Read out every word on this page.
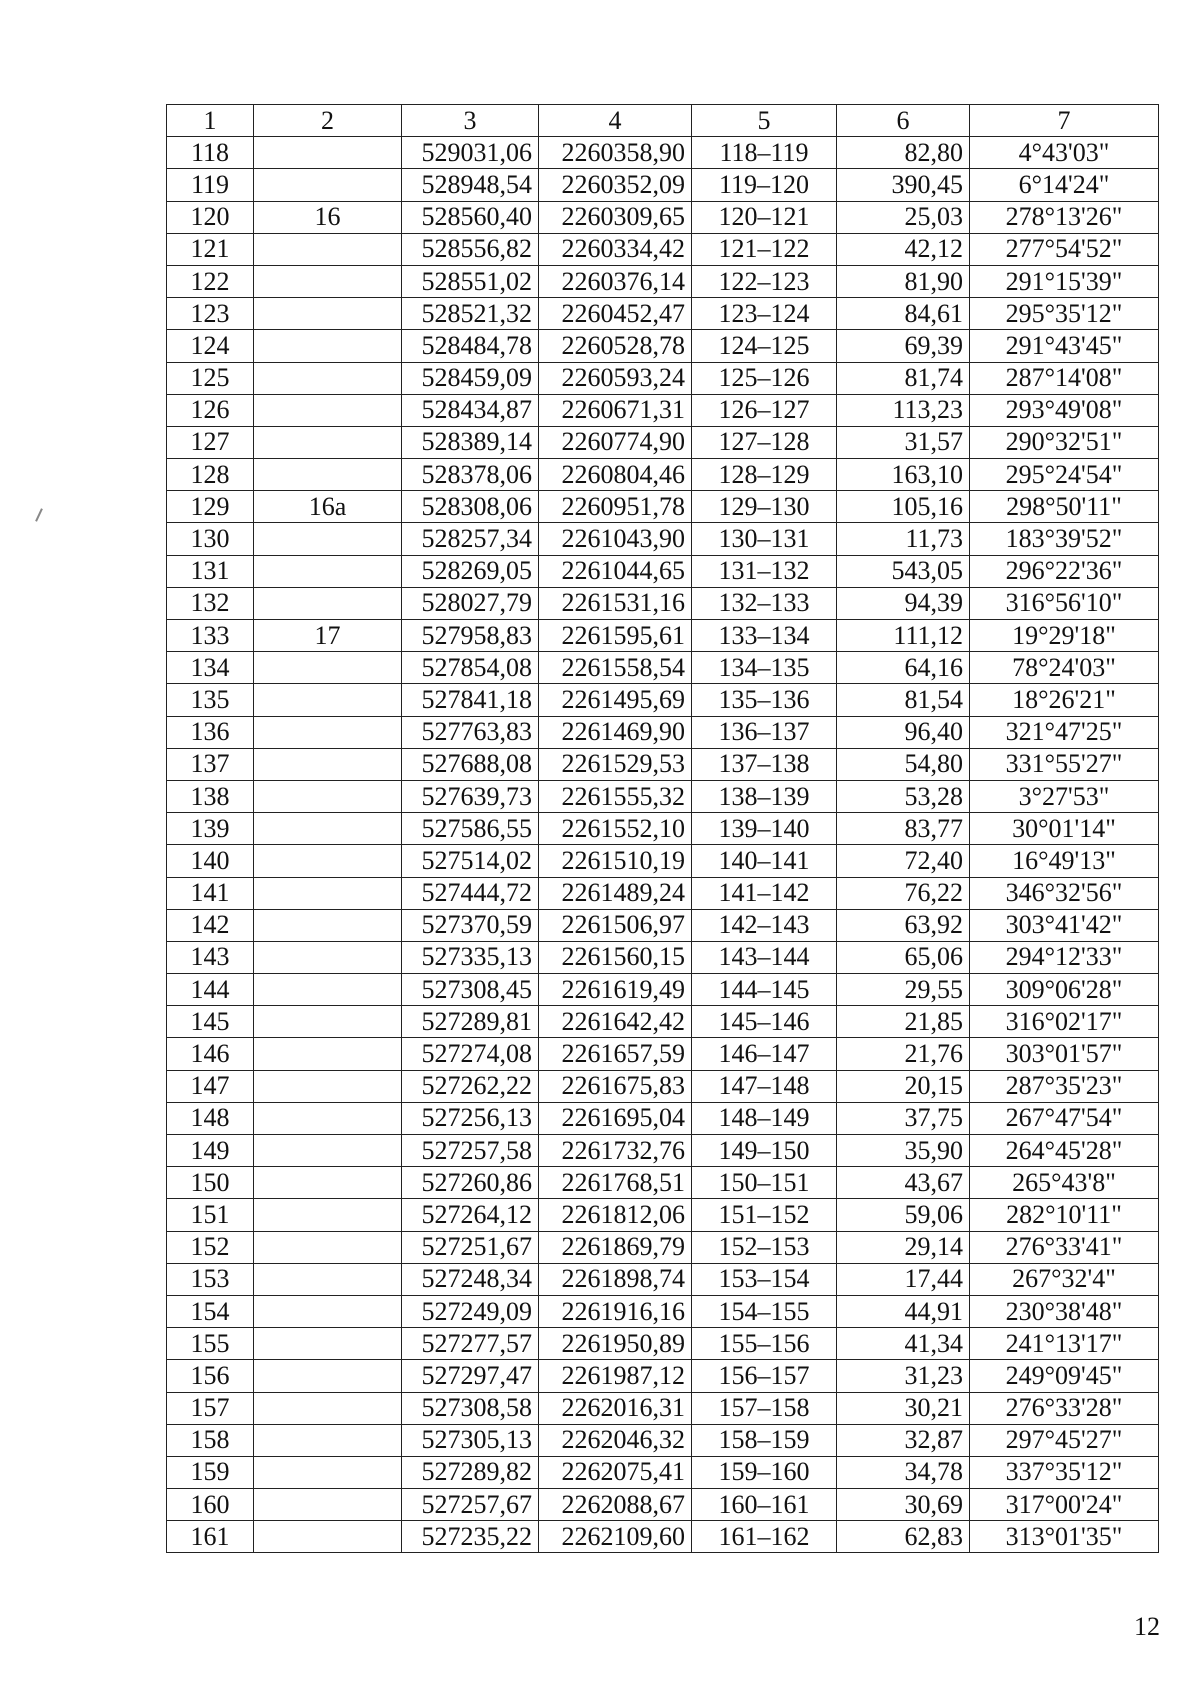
1	2	3	4	5	6	7
118		529031,06	2260358,90	118–119	82,80	4°43'03"
119		528948,54	2260352,09	119–120	390,45	6°14'24"
120	16	528560,40	2260309,65	120–121	25,03	278°13'26"
121		528556,82	2260334,42	121–122	42,12	277°54'52"
122		528551,02	2260376,14	122–123	81,90	291°15'39"
123		528521,32	2260452,47	123–124	84,61	295°35'12"
124		528484,78	2260528,78	124–125	69,39	291°43'45"
125		528459,09	2260593,24	125–126	81,74	287°14'08"
126		528434,87	2260671,31	126–127	113,23	293°49'08"
127		528389,14	2260774,90	127–128	31,57	290°32'51"
128		528378,06	2260804,46	128–129	163,10	295°24'54"
129	16а	528308,06	2260951,78	129–130	105,16	298°50'11"
130		528257,34	2261043,90	130–131	11,73	183°39'52"
131		528269,05	2261044,65	131–132	543,05	296°22'36"
132		528027,79	2261531,16	132–133	94,39	316°56'10"
133	17	527958,83	2261595,61	133–134	111,12	19°29'18"
134		527854,08	2261558,54	134–135	64,16	78°24'03"
135		527841,18	2261495,69	135–136	81,54	18°26'21"
136		527763,83	2261469,90	136–137	96,40	321°47'25"
137		527688,08	2261529,53	137–138	54,80	331°55'27"
138		527639,73	2261555,32	138–139	53,28	3°27'53"
139		527586,55	2261552,10	139–140	83,77	30°01'14"
140		527514,02	2261510,19	140–141	72,40	16°49'13"
141		527444,72	2261489,24	141–142	76,22	346°32'56"
142		527370,59	2261506,97	142–143	63,92	303°41'42"
143		527335,13	2261560,15	143–144	65,06	294°12'33"
144		527308,45	2261619,49	144–145	29,55	309°06'28"
145		527289,81	2261642,42	145–146	21,85	316°02'17"
146		527274,08	2261657,59	146–147	21,76	303°01'57"
147		527262,22	2261675,83	147–148	20,15	287°35'23"
148		527256,13	2261695,04	148–149	37,75	267°47'54"
149		527257,58	2261732,76	149–150	35,90	264°45'28"
150		527260,86	2261768,51	150–151	43,67	265°43'8"
151		527264,12	2261812,06	151–152	59,06	282°10'11"
152		527251,67	2261869,79	152–153	29,14	276°33'41"
153		527248,34	2261898,74	153–154	17,44	267°32'4"
154		527249,09	2261916,16	154–155	44,91	230°38'48"
155		527277,57	2261950,89	155–156	41,34	241°13'17"
156		527297,47	2261987,12	156–157	31,23	249°09'45"
157		527308,58	2262016,31	157–158	30,21	276°33'28"
158		527305,13	2262046,32	158–159	32,87	297°45'27"
159		527289,82	2262075,41	159–160	34,78	337°35'12"
160		527257,67	2262088,67	160–161	30,69	317°00'24"
161		527235,22	2262109,60	161–162	62,83	313°01'35"
12
